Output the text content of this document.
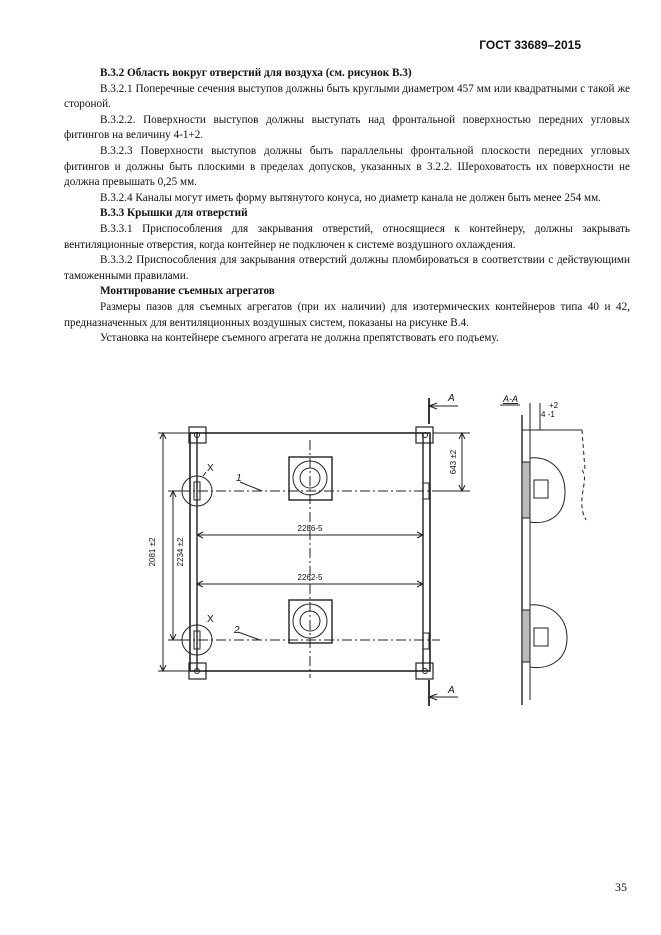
ГОСТ 33689–2015

В.3.2 Область вокруг отверстий для воздуха (см. рисунок В.3)

В.3.2.1 Поперечные сечения выступов должны быть круглыми диаметром 457 мм или квадратными с такой же стороной.

В.3.2.2. Поверхности выступов должны выступать над фронтальной поверхностью передних угловых фитингов на величину 4-1+2.

В.3.2.3 Поверхности выступов должны быть параллельны фронтальной плоскости передних угловых фитингов и должны быть плоскими в пределах допусков, указанных в 3.2.2. Шероховатость их поверхности не должна превышать 0,25 мм.

В.3.2.4 Каналы могут иметь форму вытянутого конуса, но диаметр канала не должен быть менее 254 мм.

В.3.3 Крышки для отверстий

В.3.3.1 Приспособления для закрывания отверстий, относящиеся к контейнеру, должны закрывать вентиляционные отверстия, когда контейнер не подключен к системе воздушного охлаждения.

В.3.3.2 Приспособления для закрывания отверстий должны пломбироваться в соответствии с действующими таможенными правилами.

Монтирование съемных агрегатов

Размеры пазов для съемных агрегатов (при их наличии) для изотермических контейнеров типа 40 и 42, предназначенных для вентиляционных воздушных систем, показаны на рисунке В.4.

Установка на контейнере съемного агрегата не должна препятствовать его подъему.

2286-5
2262-5
2081 ±2 2234 ±2
643 ±2
1
2
X
X
А
А
А-А
+2
4 -1
35
